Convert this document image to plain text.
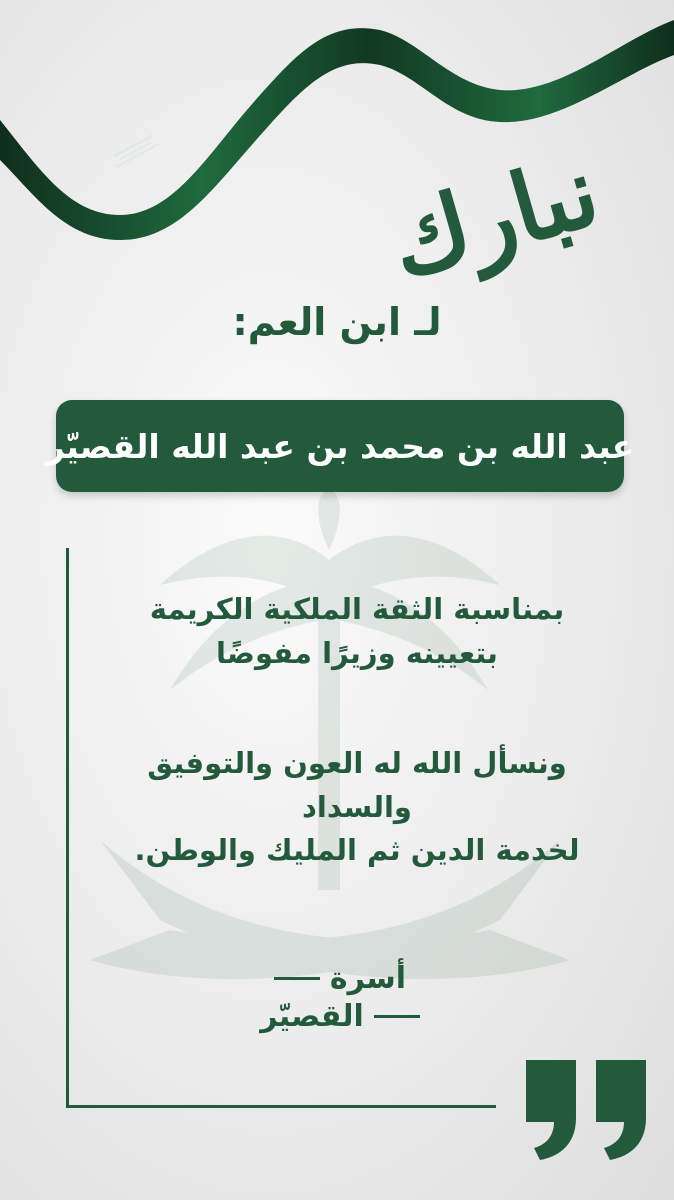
نبارك
لـ ابن العم:
عبد الله بن محمد بن عبد الله القصيّر
بمناسبة الثقة الملكية الكريمة
بتعيينه وزيرًا مفوضًا
ونسأل الله له العون والتوفيق والسداد
لخدمة الدين ثم المليك والوطن.
أسرة
القصيّر
